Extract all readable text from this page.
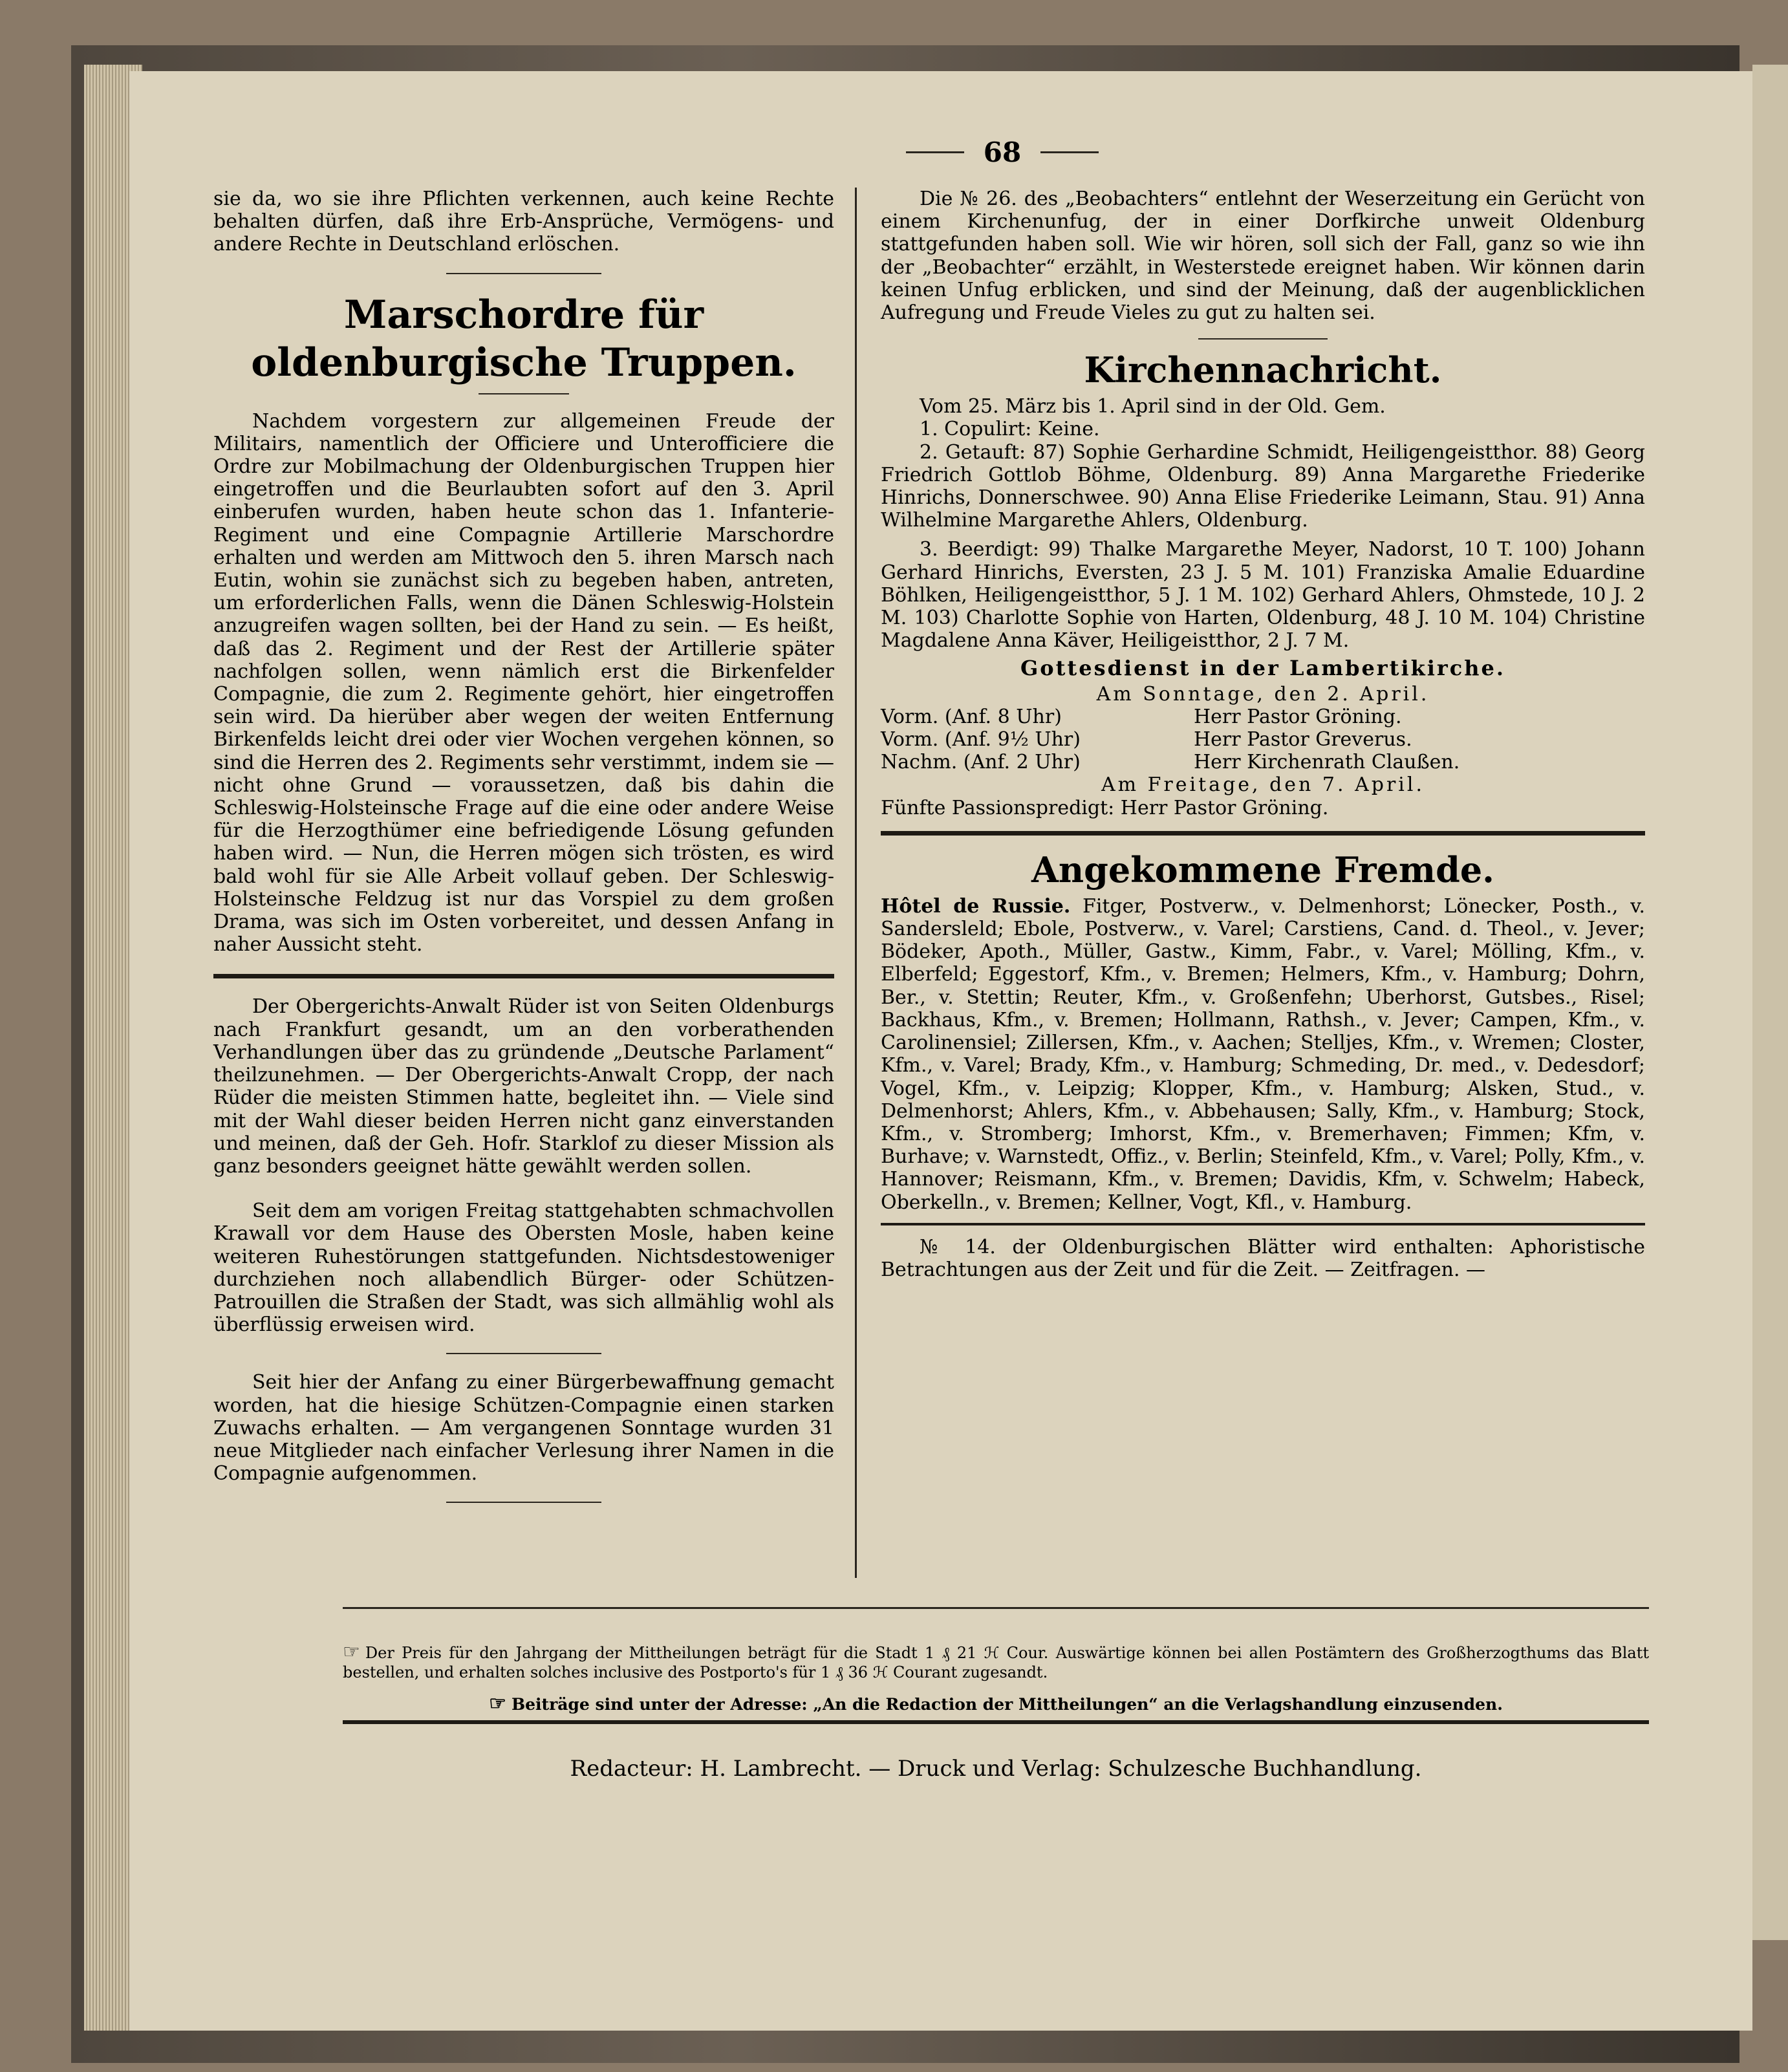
68

sie da, wo sie ihre Pflichten verkennen, auch keine Rechte behalten dürfen, daß ihre Erb-Ansprüche, Vermögens- und andere Rechte in Deutschland erlöschen.

Marschordre für oldenburgische Truppen.

Nachdem vorgestern zur allgemeinen Freude der Militairs, namentlich der Officiere und Unterofficiere die Ordre zur Mobilmachung der Oldenburgischen Truppen hier eingetroffen und die Beurlaubten sofort auf den 3. April einberufen wurden, haben heute schon das 1. Infanterie-Regiment und eine Compagnie Artillerie Marschordre erhalten und werden am Mittwoch den 5. ihren Marsch nach Eutin, wohin sie zunächst sich zu begeben haben, antreten, um erforderlichen Falls, wenn die Dänen Schleswig-Holstein anzugreifen wagen sollten, bei der Hand zu sein. — Es heißt, daß das 2. Regiment und der Rest der Artillerie später nachfolgen sollen, wenn nämlich erst die Birkenfelder Compagnie, die zum 2. Regimente gehört, hier eingetroffen sein wird. Da hierüber aber wegen der weiten Entfernung Birkenfelds leicht drei oder vier Wochen vergehen können, so sind die Herren des 2. Regiments sehr verstimmt, indem sie — nicht ohne Grund — voraussetzen, daß bis dahin die Schleswig-Holsteinsche Frage auf die eine oder andere Weise für die Herzogthümer eine befriedigende Lösung gefunden haben wird. — Nun, die Herren mögen sich trösten, es wird bald wohl für sie Alle Arbeit vollauf geben. Der Schleswig-Holsteinsche Feldzug ist nur das Vorspiel zu dem großen Drama, was sich im Osten vorbereitet, und dessen Anfang in naher Aussicht steht.

Der Obergerichts-Anwalt Rüder ist von Seiten Oldenburgs nach Frankfurt gesandt, um an den vorberathenden Verhandlungen über das zu gründende „Deutsche Parlament“ theilzunehmen. — Der Obergerichts-Anwalt Cropp, der nach Rüder die meisten Stimmen hatte, begleitet ihn. — Viele sind mit der Wahl dieser beiden Herren nicht ganz einverstanden und meinen, daß der Geh. Hofr. Starklof zu dieser Mission als ganz besonders geeignet hätte gewählt werden sollen.

Seit dem am vorigen Freitag stattgehabten schmachvollen Krawall vor dem Hause des Obersten Mosle, haben keine weiteren Ruhestörungen stattgefunden. Nichtsdestoweniger durchziehen noch allabendlich Bürger- oder Schützen-Patrouillen die Straßen der Stadt, was sich allmählig wohl als überflüssig erweisen wird.

Seit hier der Anfang zu einer Bürgerbewaffnung gemacht worden, hat die hiesige Schützen-Compagnie einen starken Zuwachs erhalten. — Am vergangenen Sonntage wurden 31 neue Mitglieder nach einfacher Verlesung ihrer Namen in die Compagnie aufgenommen.

Die № 26. des „Beobachters“ entlehnt der Weserzeitung ein Gerücht von einem Kirchenunfug, der in einer Dorfkirche unweit Oldenburg stattgefunden haben soll. Wie wir hören, soll sich der Fall, ganz so wie ihn der „Beobachter“ erzählt, in Westerstede ereignet haben. Wir können darin keinen Unfug erblicken, und sind der Meinung, daß der augenblicklichen Aufregung und Freude Vieles zu gut zu halten sei.

Kirchennachricht.

Vom 25. März bis 1. April sind in der Old. Gem.

1. Copulirt: Keine.

2. Getauft: 87) Sophie Gerhardine Schmidt, Heiligengeistthor. 88) Georg Friedrich Gottlob Böhme, Oldenburg. 89) Anna Margarethe Friederike Hinrichs, Donnerschwee. 90) Anna Elise Friederike Leimann, Stau. 91) Anna Wilhelmine Margarethe Ahlers, Oldenburg.

3. Beerdigt: 99) Thalke Margarethe Meyer, Nadorst, 10 T. 100) Johann Gerhard Hinrichs, Eversten, 23 J. 5 M. 101) Franziska Amalie Eduardine Böhlken, Heiligengeistthor, 5 J. 1 M. 102) Gerhard Ahlers, Ohmstede, 10 J. 2 M. 103) Charlotte Sophie von Harten, Oldenburg, 48 J. 10 M. 104) Christine Magdalene Anna Käver, Heiligeistthor, 2 J. 7 M.

Gottesdienst in der Lambertikirche.

Am Sonntage, den 2. April.

Vorm. (Anf. 8 Uhr)	Herr Pastor Gröning.
Vorm. (Anf. 9½ Uhr)	Herr Pastor Greverus.
Nachm. (Anf. 2 Uhr)	Herr Kirchenrath Claußen.

Am Freitage, den 7. April.

Fünfte Passionspredigt: Herr Pastor Gröning.

Angekommene Fremde.

Hôtel de Russie. Fitger, Postverw., v. Delmenhorst; Lönecker, Posth., v. Sandersleld; Ebole, Postverw., v. Varel; Carstiens, Cand. d. Theol., v. Jever; Bödeker, Apoth., Müller, Gastw., Kimm, Fabr., v. Varel; Mölling, Kfm., v. Elberfeld; Eggestorf, Kfm., v. Bremen; Helmers, Kfm., v. Hamburg; Dohrn, Ber., v. Stettin; Reuter, Kfm., v. Großenfehn; Uberhorst, Gutsbes., Risel; Backhaus, Kfm., v. Bremen; Hollmann, Rathsh., v. Jever; Campen, Kfm., v. Carolinensiel; Zillersen, Kfm., v. Aachen; Stelljes, Kfm., v. Wremen; Closter, Kfm., v. Varel; Brady, Kfm., v. Hamburg; Schmeding, Dr. med., v. Dedesdorf; Vogel, Kfm., v. Leipzig; Klopper, Kfm., v. Hamburg; Alsken, Stud., v. Delmenhorst; Ahlers, Kfm., v. Abbehausen; Sally, Kfm., v. Hamburg; Stock, Kfm., v. Stromberg; Imhorst, Kfm., v. Bremerhaven; Fimmen; Kfm, v. Burhave; v. Warnstedt, Offiz., v. Berlin; Steinfeld, Kfm., v. Varel; Polly, Kfm., v. Hannover; Reismann, Kfm., v. Bremen; Davidis, Kfm, v. Schwelm; Habeck, Oberkelln., v. Bremen; Kellner, Vogt, Kfl., v. Hamburg.

№ 14. der Oldenburgischen Blätter wird enthalten: Aphoristische Betrachtungen aus der Zeit und für die Zeit. — Zeitfragen. —

☞ Der Preis für den Jahrgang der Mittheilungen beträgt für die Stadt 1 ₰ 21 ℋ Cour. Auswärtige können bei allen Postämtern des Großherzogthums das Blatt bestellen, und erhalten solches inclusive des Postporto's für 1 ₰ 36 ℋ Courant zugesandt.
☞ Beiträge sind unter der Adresse: „An die Redaction der Mittheilungen“ an die Verlagshandlung einzusenden.
Redacteur: H. Lambrecht. — Druck und Verlag: Schulzesche Buchhandlung.
